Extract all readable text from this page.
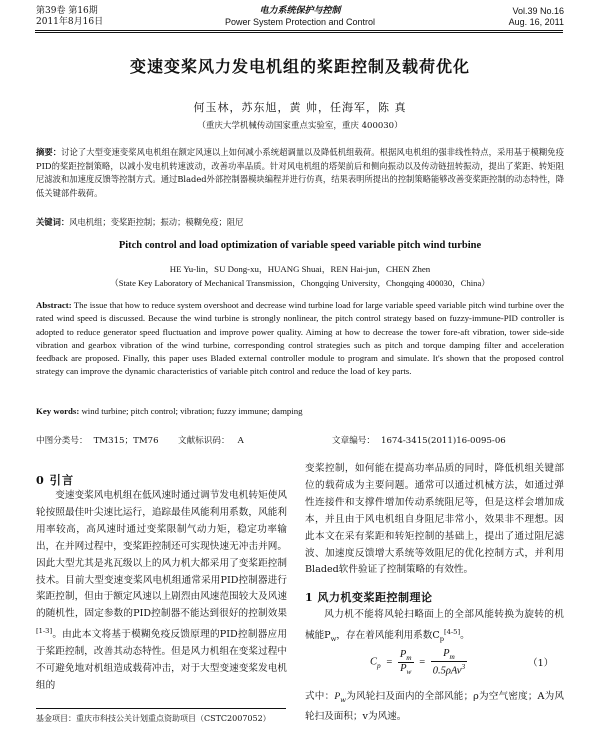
第39卷 第16期
2011年8月16日
电力系统保护与控制
Power System Protection and Control
Vol.39 No.16
Aug. 16, 2011
变速变桨风力发电机组的桨距控制及载荷优化
何玉林，苏东旭，黄 帅，任海军，陈 真
（重庆大学机械传动国家重点实验室，重庆 400030）
摘要：讨论了大型变速变桨风电机组在额定风速以上如何减小系统超调量以及降低机组载荷。根据风电机组的强非线性特点，采用基于模糊免疫PID的桨距控制策略，以减小发电机转速波动，改善功率品质。针对风电机组的塔架前后和侧向振动以及传动链扭转振动，提出了桨距、转矩阻尼滤波和加速度反馈等控制方式。通过Bladed外部控制器模块编程并进行仿真，结果表明所提出的控制策略能够改善变桨距控制的动态特性，降低关键部件载荷。
关键词：风电机组；变桨距控制；振动；模糊免疫；阻尼
Pitch control and load optimization of variable speed variable pitch wind turbine
HE Yu-lin，SU Dong-xu，HUANG Shuai，REN Hai-jun，CHEN Zhen
（State Key Laboratory of Mechanical Transmission，Chongqing University，Chongqing 400030，China）
Abstract: The issue that how to reduce system overshoot and decrease wind turbine load for large variable speed variable pitch wind turbine over the rated wind speed is discussed. Because the wind turbine is strongly nonlinear, the pitch control strategy based on fuzzy-immune-PID controller is adopted to reduce generator speed fluctuation and improve power quality. Aiming at how to decrease the tower fore-aft vibration, tower side-side vibration and gearbox vibration of the wind turbine, corresponding control strategies such as pitch and torque damping filter and acceleration feedback are proposed. Finally, this paper uses Bladed external controller module to program and simulate. It's shown that the proposed control strategy can improve the dynamic characteristics of variable pitch control and reduce the load of key parts.
Key words: wind turbine; pitch control; vibration; fuzzy immune; damping
中图分类号： TM315；TM76 文献标识码： A	文章编号： 1674-3415(2011)16-0095-06
0 引言
变速变桨风电机组在低风速时通过调节发电机转矩使风轮按照最佳叶尖速比运行，追踪最佳风能利用系数，风能利用率较高，高风速时通过变桨限制气动力矩，稳定功率输出，在并网过程中，变桨距控制还可实现快速无冲击并网。因此大型尤其是兆瓦级以上的风力机大都采用了变桨距控制技术。目前大型变速变桨风电机组通常采用PID控制器进行桨距控制，但由于额定风速以上剧烈由风速范围较大及风速的随机性，固定参数的PID控制器不能达到很好的控制效果[1-3]。由此本文将基于模糊免疫反馈原理的PID控制器应用于桨距控制，改善其动态特性。但是风力机组在变桨过程中不可避免地对机组造成载荷冲击，对于大型变速变桨发电机组的
基金项目：重庆市科技公关计划重点资助项目（CSTC2007052）
变桨控制，如何能在提高功率品质的同时，降低机组关键部位的载荷成为主要问题。通常可以通过机械方法，如通过弹性连接件和支撑件增加传动系统阻尼等，但是这样会增加成本，并且由于风电机组自身阻尼非常小，效果非不理想。因此本文在采有桨距和转矩控制的基础上，提出了通过阻尼滤波、加速度反馈增大系统等效阻尼的优化控制方式，并利用Bladed软件验证了控制策略的有效性。
1 风力机变桨距控制理论
风力机不能将风轮扫略面上的全部风能转换为旋转的机械能$P_w$，存在着风能利用系数$C_p[4-5]$。
$C_p = \frac{P_m}{P_w}$ =
$P_m$
0.5ρAv$^3$	（1）
式中：$P_w$为风轮扫及面内的全部风能；ρ为空气密度；A为风轮扫及面积；v为风速。
